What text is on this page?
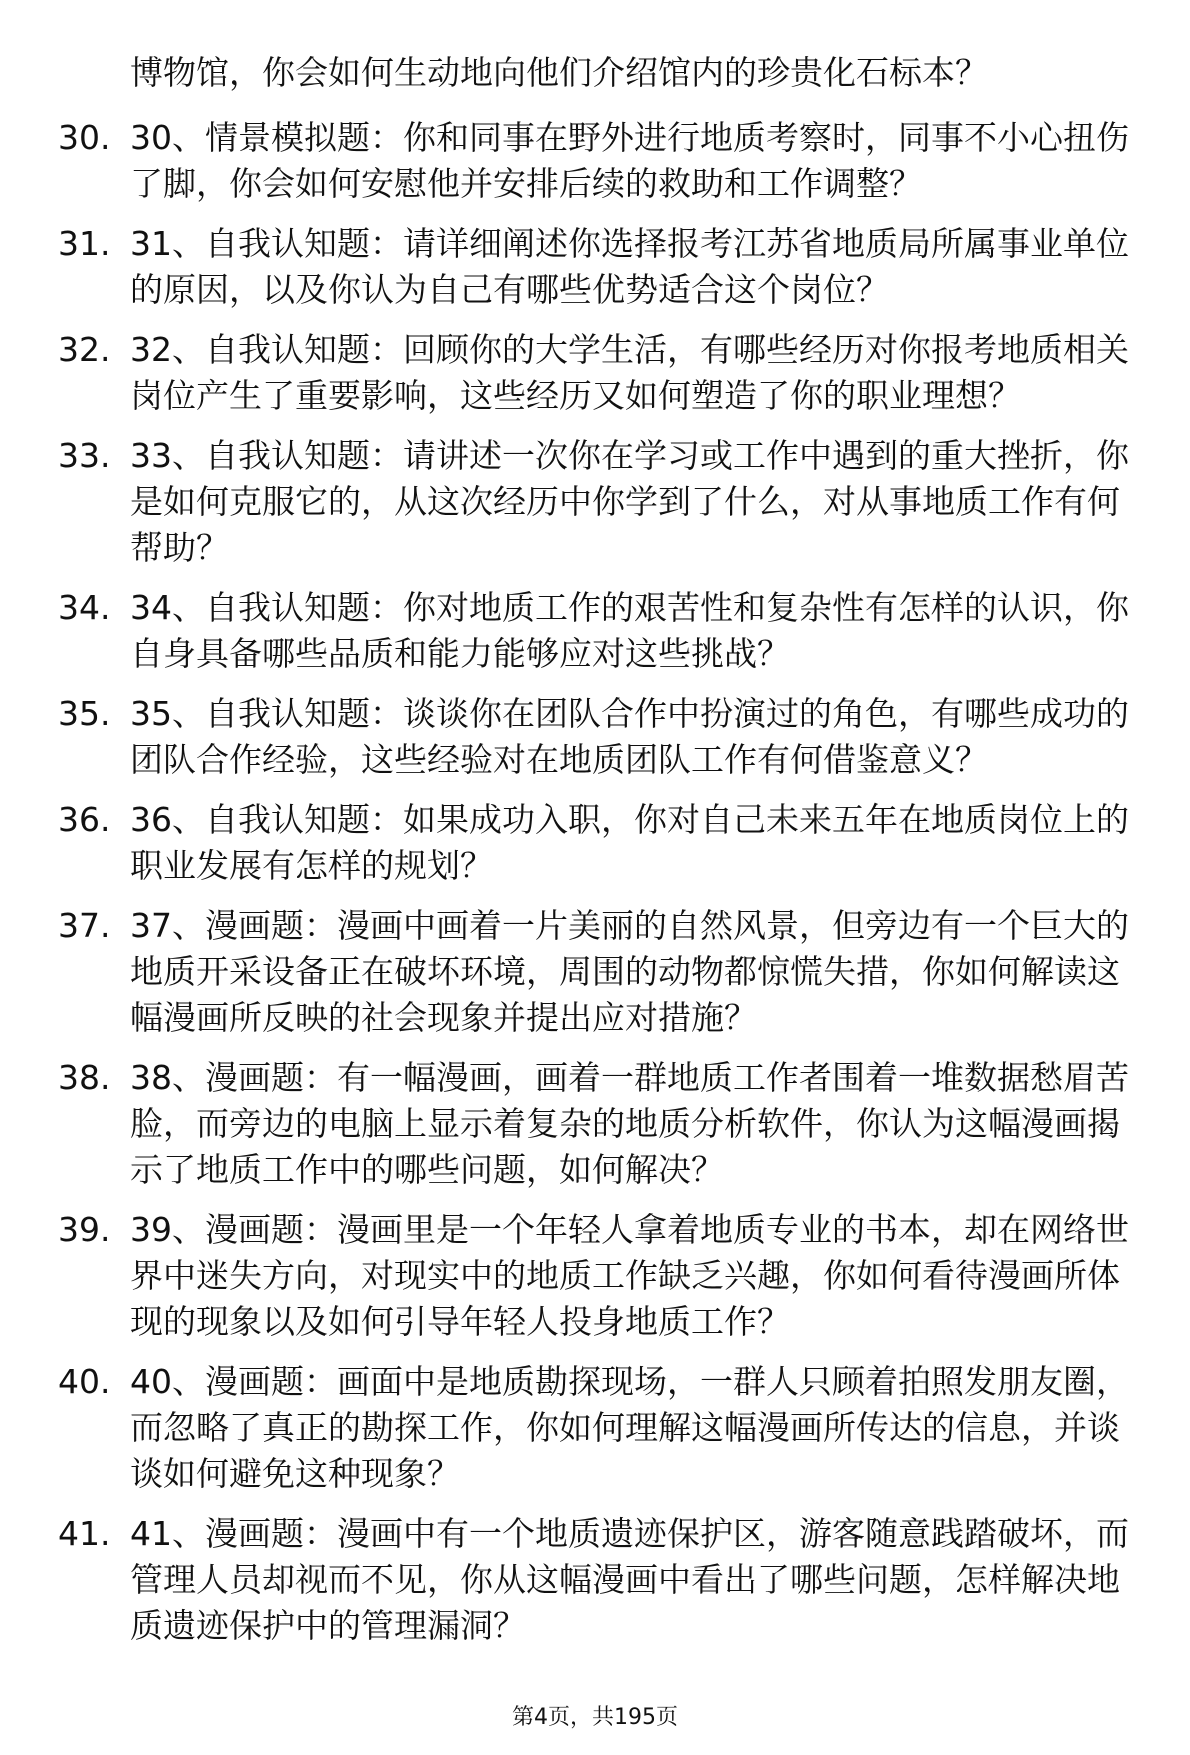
博物馆，你会如何生动地向他们介绍馆内的珍贵化石标本？
30. 30、情景模拟题：你和同事在野外进行地质考察时，同事不小心扭伤了脚，你会如何安慰他并安排后续的救助和工作调整？
31. 31、自我认知题：请详细阐述你选择报考江苏省地质局所属事业单位的原因，以及你认为自己有哪些优势适合这个岗位？
32. 32、自我认知题：回顾你的大学生活，有哪些经历对你报考地质相关岗位产生了重要影响，这些经历又如何塑造了你的职业理想？
33. 33、自我认知题：请讲述一次你在学习或工作中遇到的重大挫折，你是如何克服它的，从这次经历中你学到了什么，对从事地质工作有何帮助？
34. 34、自我认知题：你对地质工作的艰苦性和复杂性有怎样的认识，你自身具备哪些品质和能力能够应对这些挑战？
35. 35、自我认知题：谈谈你在团队合作中扮演过的角色，有哪些成功的团队合作经验，这些经验对在地质团队工作有何借鉴意义？
36. 36、自我认知题：如果成功入职，你对自己未来五年在地质岗位上的职业发展有怎样的规划？
37. 37、漫画题：漫画中画着一片美丽的自然风景，但旁边有一个巨大的地质开采设备正在破坏环境，周围的动物都惊慌失措，你如何解读这幅漫画所反映的社会现象并提出应对措施？
38. 38、漫画题：有一幅漫画，画着一群地质工作者围着一堆数据愁眉苦脸，而旁边的电脑上显示着复杂的地质分析软件，你认为这幅漫画揭示了地质工作中的哪些问题，如何解决？
39. 39、漫画题：漫画里是一个年轻人拿着地质专业的书本，却在网络世界中迷失方向，对现实中的地质工作缺乏兴趣，你如何看待漫画所体现的现象以及如何引导年轻人投身地质工作？
40. 40、漫画题：画面中是地质勘探现场，一群人只顾着拍照发朋友圈，而忽略了真正的勘探工作，你如何理解这幅漫画所传达的信息，并谈谈如何避免这种现象？
41. 41、漫画题：漫画中有一个地质遗迹保护区，游客随意践踏破坏，而管理人员却视而不见，你从这幅漫画中看出了哪些问题，怎样解决地质遗迹保护中的管理漏洞？
第4页，共195页
